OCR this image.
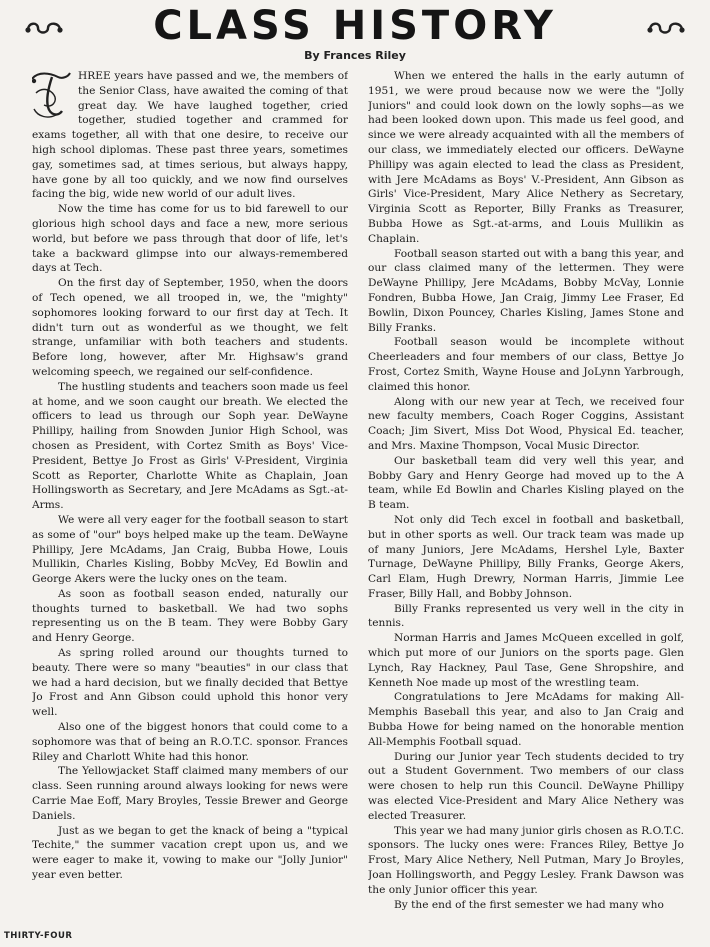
CLASS HISTORY
By Frances Riley

HREE years have passed and we, the members of the Senior Class, have awaited the coming of that great day. We have laughed together, cried together, studied together and crammed for exams together, all with that one desire, to receive our high school diplomas. These past three years, sometimes gay, sometimes sad, at times serious, but always happy, have gone by all too quickly, and we now find ourselves facing the big, wide new world of our adult lives.

Now the time has come for us to bid farewell to our glorious high school days and face a new, more serious world, but before we pass through that door of life, let's take a backward glimpse into our always-remembered days at Tech.

On the first day of September, 1950, when the doors of Tech opened, we all trooped in, we, the "mighty" sophomores looking forward to our first day at Tech. It didn't turn out as wonderful as we thought, we felt strange, unfamiliar with both teachers and students. Before long, however, after Mr. Highsaw's grand welcoming speech, we regained our self-confidence.

The hustling students and teachers soon made us feel at home, and we soon caught our breath. We elected the officers to lead us through our Soph year. DeWayne Phillipy, hailing from Snowden Junior High School, was chosen as President, with Cortez Smith as Boys' Vice-President, Bettye Jo Frost as Girls' V-President, Virginia Scott as Reporter, Charlotte White as Chaplain, Joan Hollingsworth as Secretary, and Jere McAdams as Sgt.-at-Arms.

We were all very eager for the football season to start as some of "our" boys helped make up the team. DeWayne Phillipy, Jere McAdams, Jan Craig, Bubba Howe, Louis Mullikin, Charles Kisling, Bobby McVey, Ed Bowlin and George Akers were the lucky ones on the team.

As soon as football season ended, naturally our thoughts turned to basketball. We had two sophs representing us on the B team. They were Bobby Gary and Henry George.

As spring rolled around our thoughts turned to beauty. There were so many "beauties" in our class that we had a hard decision, but we finally decided that Bettye Jo Frost and Ann Gibson could uphold this honor very well.

Also one of the biggest honors that could come to a sophomore was that of being an R.O.T.C. sponsor. Frances Riley and Charlott White had this honor.

The Yellowjacket Staff claimed many members of our class. Seen running around always looking for news were Carrie Mae Eoff, Mary Broyles, Tessie Brewer and George Daniels.

Just as we began to get the knack of being a "typical Techite," the summer vacation crept upon us, and we were eager to make it, vowing to make our "Jolly Junior" year even better.

When we entered the halls in the early autumn of 1951, we were proud because now we were the "Jolly Juniors" and could look down on the lowly sophs—as we had been looked down upon. This made us feel good, and since we were already acquainted with all the members of our class, we immediately elected our officers. DeWayne Phillipy was again elected to lead the class as President, with Jere McAdams as Boys' V.-President, Ann Gibson as Girls' Vice-President, Mary Alice Nethery as Secretary, Virginia Scott as Reporter, Billy Franks as Treasurer, Bubba Howe as Sgt.-at-arms, and Louis Mullikin as Chaplain.

Football season started out with a bang this year, and our class claimed many of the lettermen. They were DeWayne Phillipy, Jere McAdams, Bobby McVay, Lonnie Fondren, Bubba Howe, Jan Craig, Jimmy Lee Fraser, Ed Bowlin, Dixon Pouncey, Charles Kisling, James Stone and Billy Franks.

Football season would be incomplete without Cheerleaders and four members of our class, Bettye Jo Frost, Cortez Smith, Wayne House and JoLynn Yarbrough, claimed this honor.

Along with our new year at Tech, we received four new faculty members, Coach Roger Coggins, Assistant Coach; Jim Sivert, Miss Dot Wood, Physical Ed. teacher, and Mrs. Maxine Thompson, Vocal Music Director.

Our basketball team did very well this year, and Bobby Gary and Henry George had moved up to the A team, while Ed Bowlin and Charles Kisling played on the B team.

Not only did Tech excel in football and basketball, but in other sports as well. Our track team was made up of many Juniors, Jere McAdams, Hershel Lyle, Baxter Turnage, DeWayne Phillipy, Billy Franks, George Akers, Carl Elam, Hugh Drewry, Norman Harris, Jimmie Lee Fraser, Billy Hall, and Bobby Johnson.

Billy Franks represented us very well in the city in tennis.

Norman Harris and James McQueen excelled in golf, which put more of our Juniors on the sports page. Glen Lynch, Ray Hackney, Paul Tase, Gene Shropshire, and Kenneth Noe made up most of the wrestling team.

Congratulations to Jere McAdams for making All-Memphis Baseball this year, and also to Jan Craig and Bubba Howe for being named on the honorable mention All-Memphis Football squad.

During our Junior year Tech students decided to try out a Student Government. Two members of our class were chosen to help run this Council. DeWayne Phillipy was elected Vice-President and Mary Alice Nethery was elected Treasurer.

This year we had many junior girls chosen as R.O.T.C. sponsors. The lucky ones were: Frances Riley, Bettye Jo Frost, Mary Alice Nethery, Nell Putman, Mary Jo Broyles, Joan Hollingsworth, and Peggy Lesley. Frank Dawson was the only Junior officer this year.

By the end of the first semester we had many who

THIRTY-FOUR
